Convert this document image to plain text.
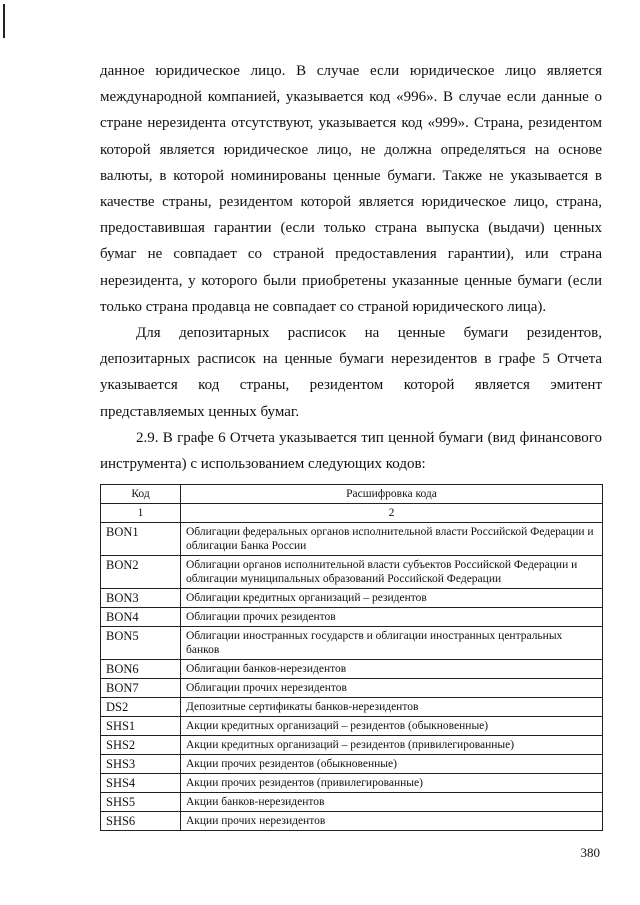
данное юридическое лицо. В случае если юридическое лицо является международной компанией, указывается код «996». В случае если данные о стране нерезидента отсутствуют, указывается код «999». Страна, резидентом которой является юридическое лицо, не должна определяться на основе валюты, в которой номинированы ценные бумаги. Также не указывается в качестве страны, резидентом которой является юридическое лицо, страна, предоставившая гарантии (если только страна выпуска (выдачи) ценных бумаг не совпадает со страной предоставления гарантии), или страна нерезидента, у которого были приобретены указанные ценные бумаги (если только страна продавца не совпадает со страной юридического лица).

Для депозитарных расписок на ценные бумаги резидентов, депозитарных расписок на ценные бумаги нерезидентов в графе 5 Отчета указывается код страны, резидентом которой является эмитент представляемых ценных бумаг.

2.9. В графе 6 Отчета указывается тип ценной бумаги (вид финансового инструмента) с использованием следующих кодов:

Код	Расшифровка кода
1	2
BON1	Облигации федеральных органов исполнительной власти Российской Федерации и облигации Банка России
BON2	Облигации органов исполнительной власти субъектов Российской Федерации и облигации муниципальных образований Российской Федерации
BON3	Облигации кредитных организаций – резидентов
BON4	Облигации прочих резидентов
BON5	Облигации иностранных государств и облигации иностранных центральных банков
BON6	Облигации банков-нерезидентов
BON7	Облигации прочих нерезидентов
DS2	Депозитные сертификаты банков-нерезидентов
SHS1	Акции кредитных организаций – резидентов (обыкновенные)
SHS2	Акции кредитных организаций – резидентов (привилегированные)
SHS3	Акции прочих резидентов (обыкновенные)
SHS4	Акции прочих резидентов (привилегированные)
SHS5	Акции банков-нерезидентов
SHS6	Акции прочих нерезидентов
380
